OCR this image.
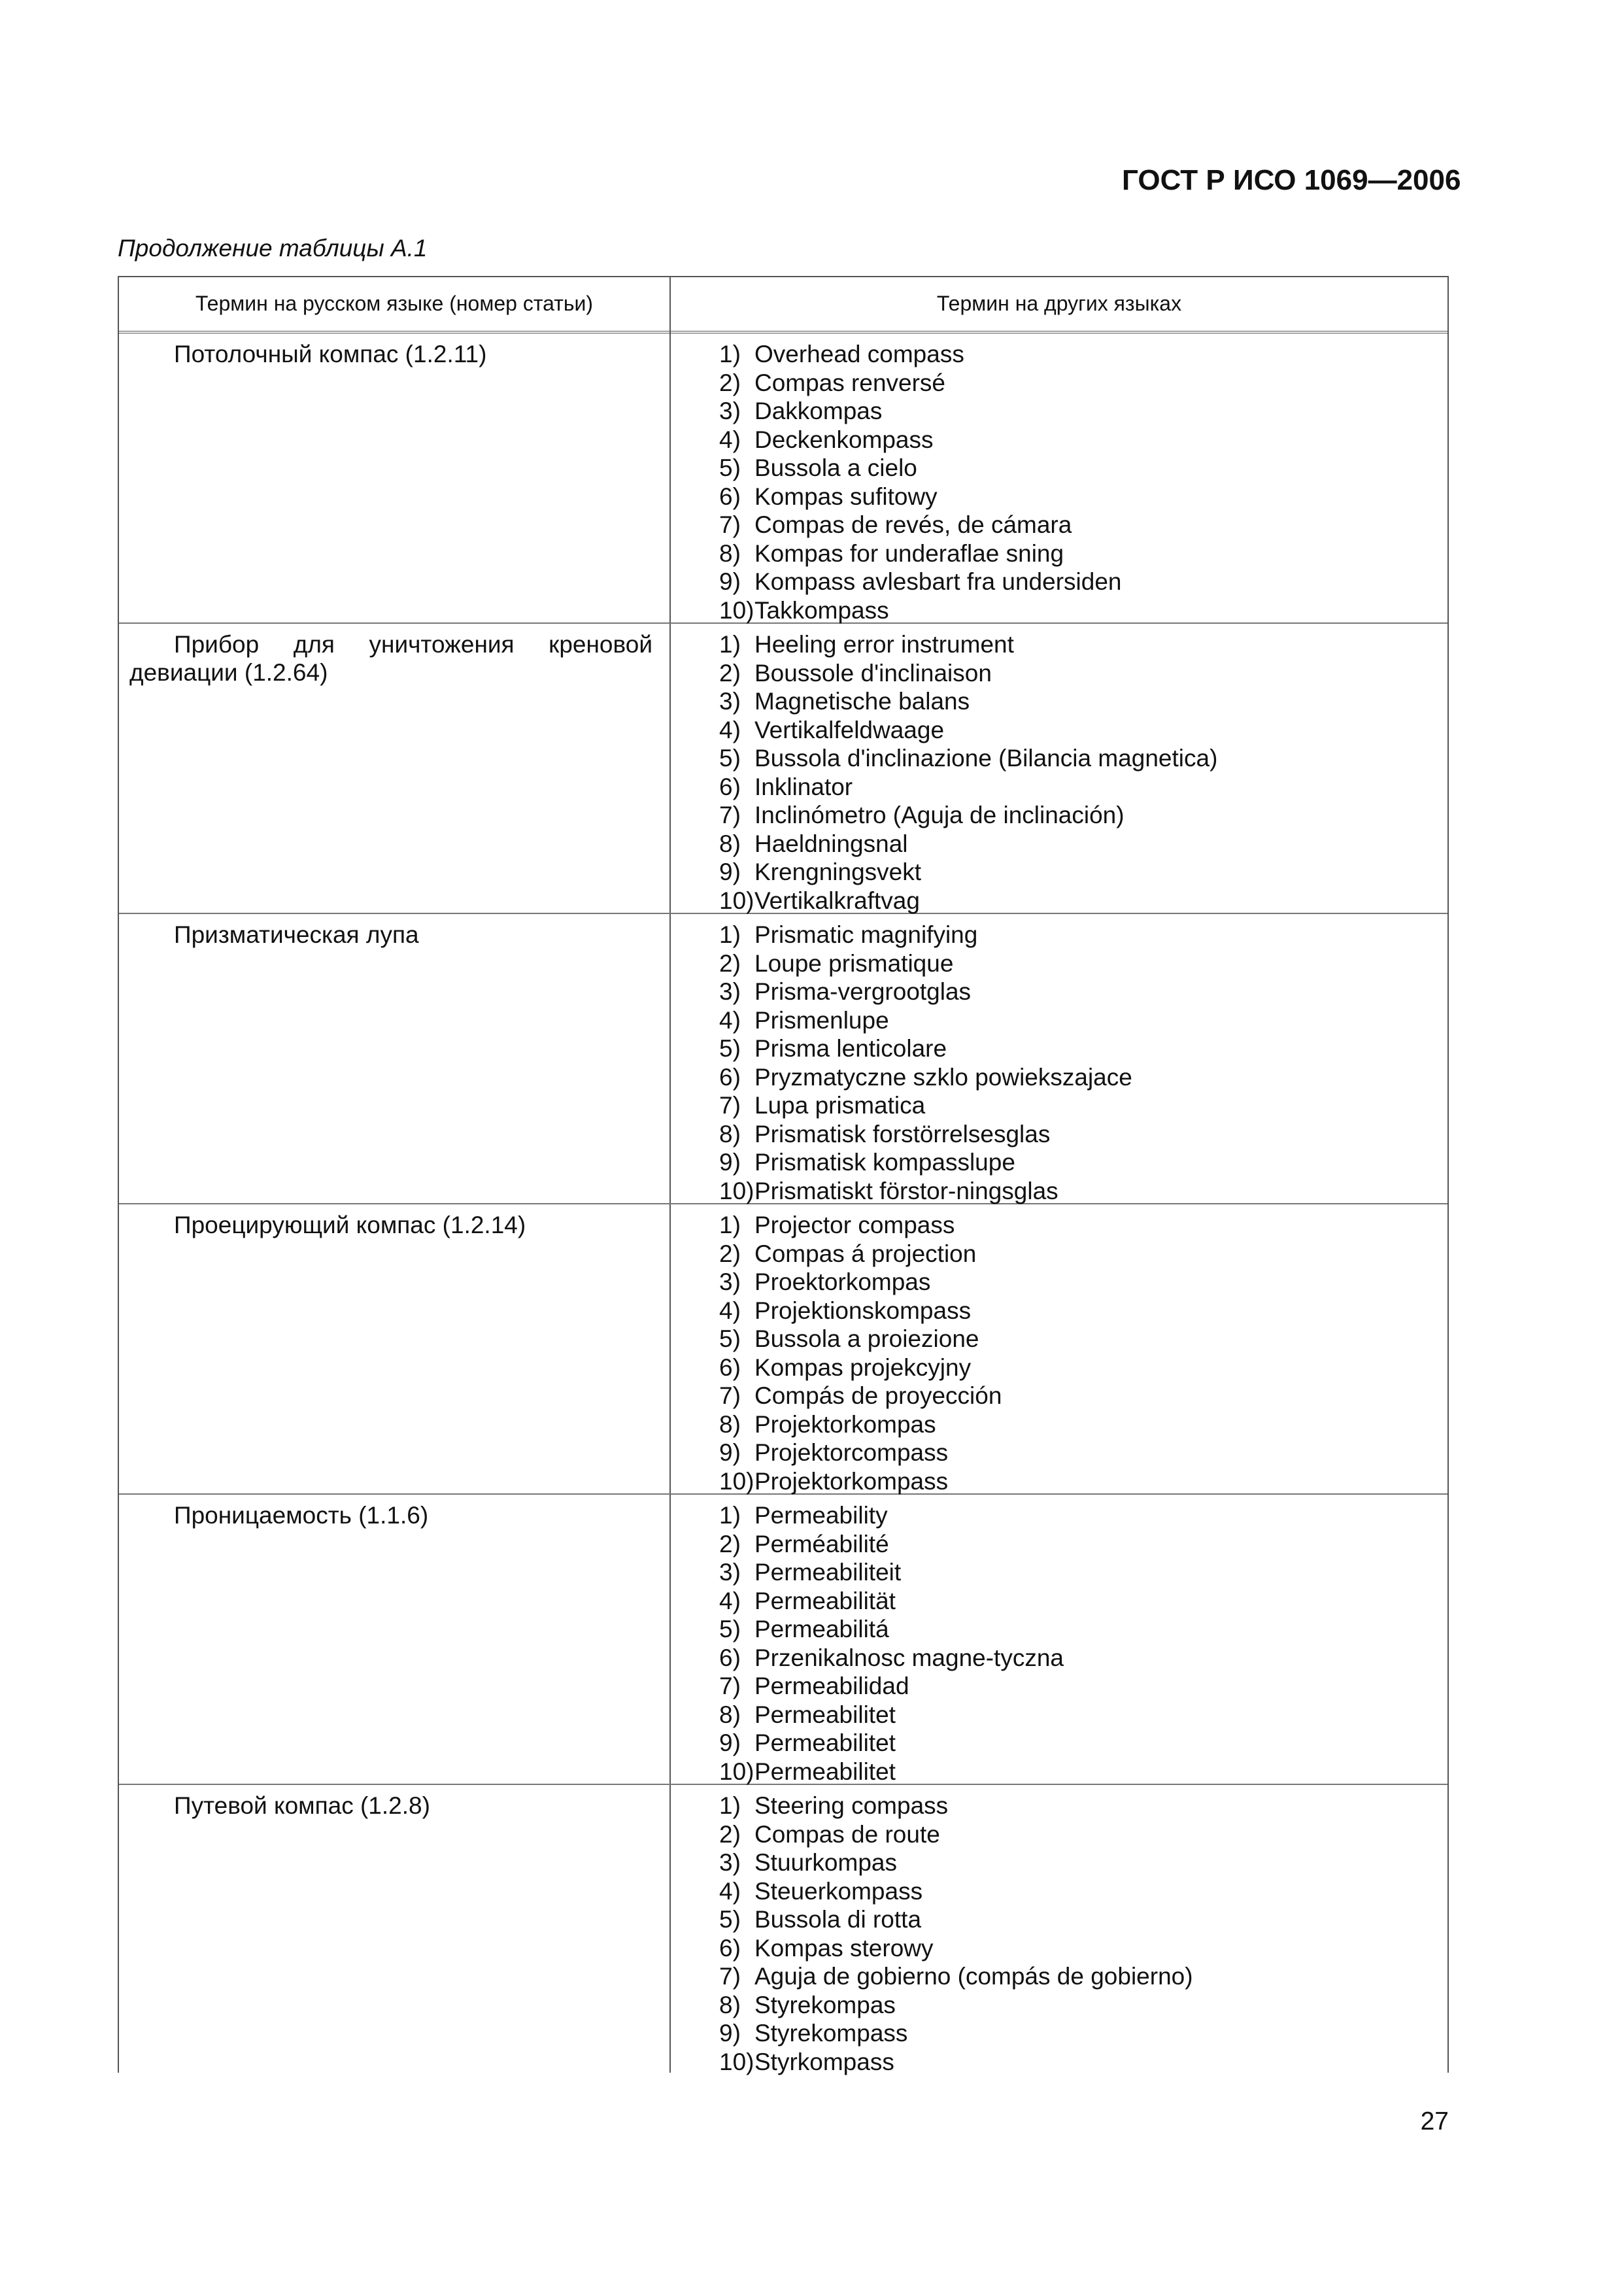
ГОСТ Р ИСО 1069—2006
Продолжение таблицы А.1
Термин на русском языке (номер статьи)	Термин на других языках
Потолочный компас (1.2.11)	1) Overhead compass
2) Compas renversé
3) Dakkompas
4) Deckenkompass
5) Bussola a cielo
6) Kompas sufitowy
7) Compas de revés, de cámara
8) Kompas for underaflae sning
9) Kompass avlesbart fra undersiden
10)Takkompass
Прибор для уничтожения креновой девиации (1.2.64)
1) Heeling error instrument
2) Boussole d'inclinaison
3) Magnetische balans
4) Vertikalfeldwaage
5) Bussola d'inclinazione (Bilancia magnetica)
6) Inklinator
7) Inclinómetro (Aguja de inclinación)
8) Haeldningsnal
9) Krengningsvekt
10)Vertikalkraftvag
Призматическая лупа	1) Prismatic magnifying
2) Loupe prismatique
3) Prisma-vergrootglas
4) Prismenlupe
5) Prisma lenticolare
6) Pryzmatyczne szklo powiekszajace
7) Lupa prismatica
8) Prismatisk forstörrelsesglas
9) Prismatisk kompasslupe
10)Prismatiskt förstor-ningsglas
Проецирующий компас (1.2.14)	1) Projector compass
2) Compas á projection
3) Proektorkompas
4) Projektionskompass
5) Bussola a proiezione
6) Kompas projekcyjny
7) Compás de proyección
8) Projektorkompas
9) Projektorcompass
10)Projektorkompass
Проницаемость (1.1.6)	1) Permeability
2) Perméabilité
3) Permeabiliteit
4) Permeabilität
5) Permeabilitá
6) Przenikalnosc magne-tyczna
7) Permeabilidad
8) Permeabilitet
9) Permeabilitet
10)Permeabilitet
Путевой компас (1.2.8)	1) Steering compass
2) Compas de route
3) Stuurkompas
4) Steuerkompass
5) Bussola di rotta
6) Kompas sterowy
7) Aguja de gobierno (compás de gobierno)
8) Styrekompas
9) Styrekompass
10)Styrkompass
27
